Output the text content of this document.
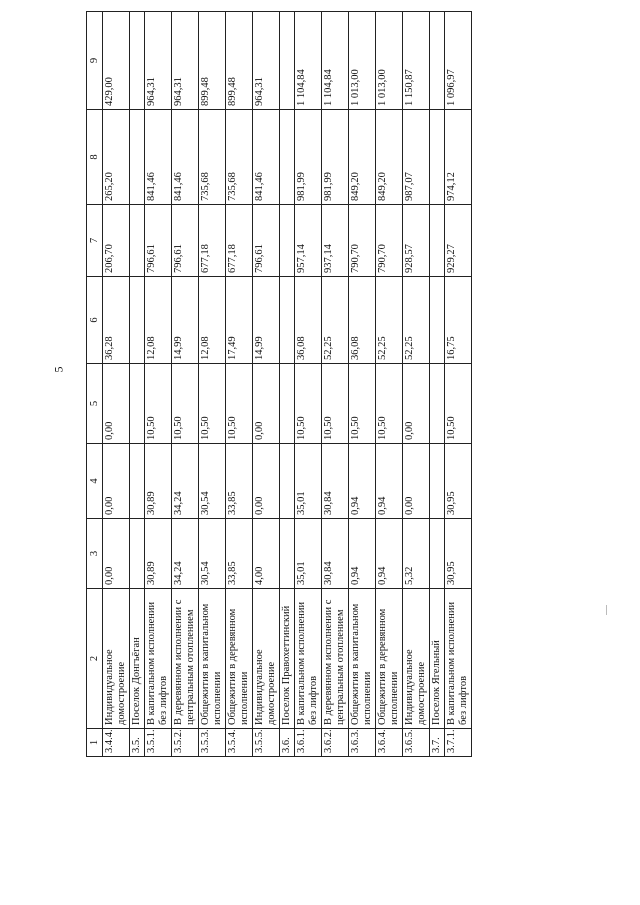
5
1	2	3	4	5	6	7	8	9
3.4.4.	Индивидуальное домостроение	0,00	0,00	0,00	36,28	206,70	265,20	429,00
3.5.	Поселок Донгъёган							
3.5.1.	В капитальном исполнении без лифтов	30,89	30,89	10,50	12,08	796,61	841,46	964,31
3.5.2.	В деревянном исполнении с центральным отоплением	34,24	34,24	10,50	14,99	796,61	841,46	964,31
3.5.3.	Общежития в капитальном исполнении	30,54	30,54	10,50	12,08	677,18	735,68	899,48
3.5.4.	Общежития в деревянном исполнении	33,85	33,85	10,50	17,49	677,18	735,68	899,48
3.5.5.	Индивидуальное домостроение	4,00	0,00	0,00	14,99	796,61	841,46	964,31
3.6.	Поселок Правохеттинский							
3.6.1.	В капитальном исполнении без лифтов	35,01	35,01	10,50	36,08	957,14	981,99	1 104,84
3.6.2.	В деревянном исполнении с центральным отоплением	30,84	30,84	10,50	52,25	937,14	981,99	1 104,84
3.6.3.	Общежития в капитальном исполнении	0,94	0,94	10,50	36,08	790,70	849,20	1 013,00
3.6.4.	Общежития в деревянном исполнении	0,94	0,94	10,50	52,25	790,70	849,20	1 013,00
3.6.5.	Индивидуальное домостроение	5,32	0,00	0,00	52,25	928,57	987,07	1 150,87
3.7.	Поселок Ягельный							
3.7.1.	В капитальном исполнении без лифтов	30,95	30,95	10,50	16,75	929,27	974,12	1 096,97
